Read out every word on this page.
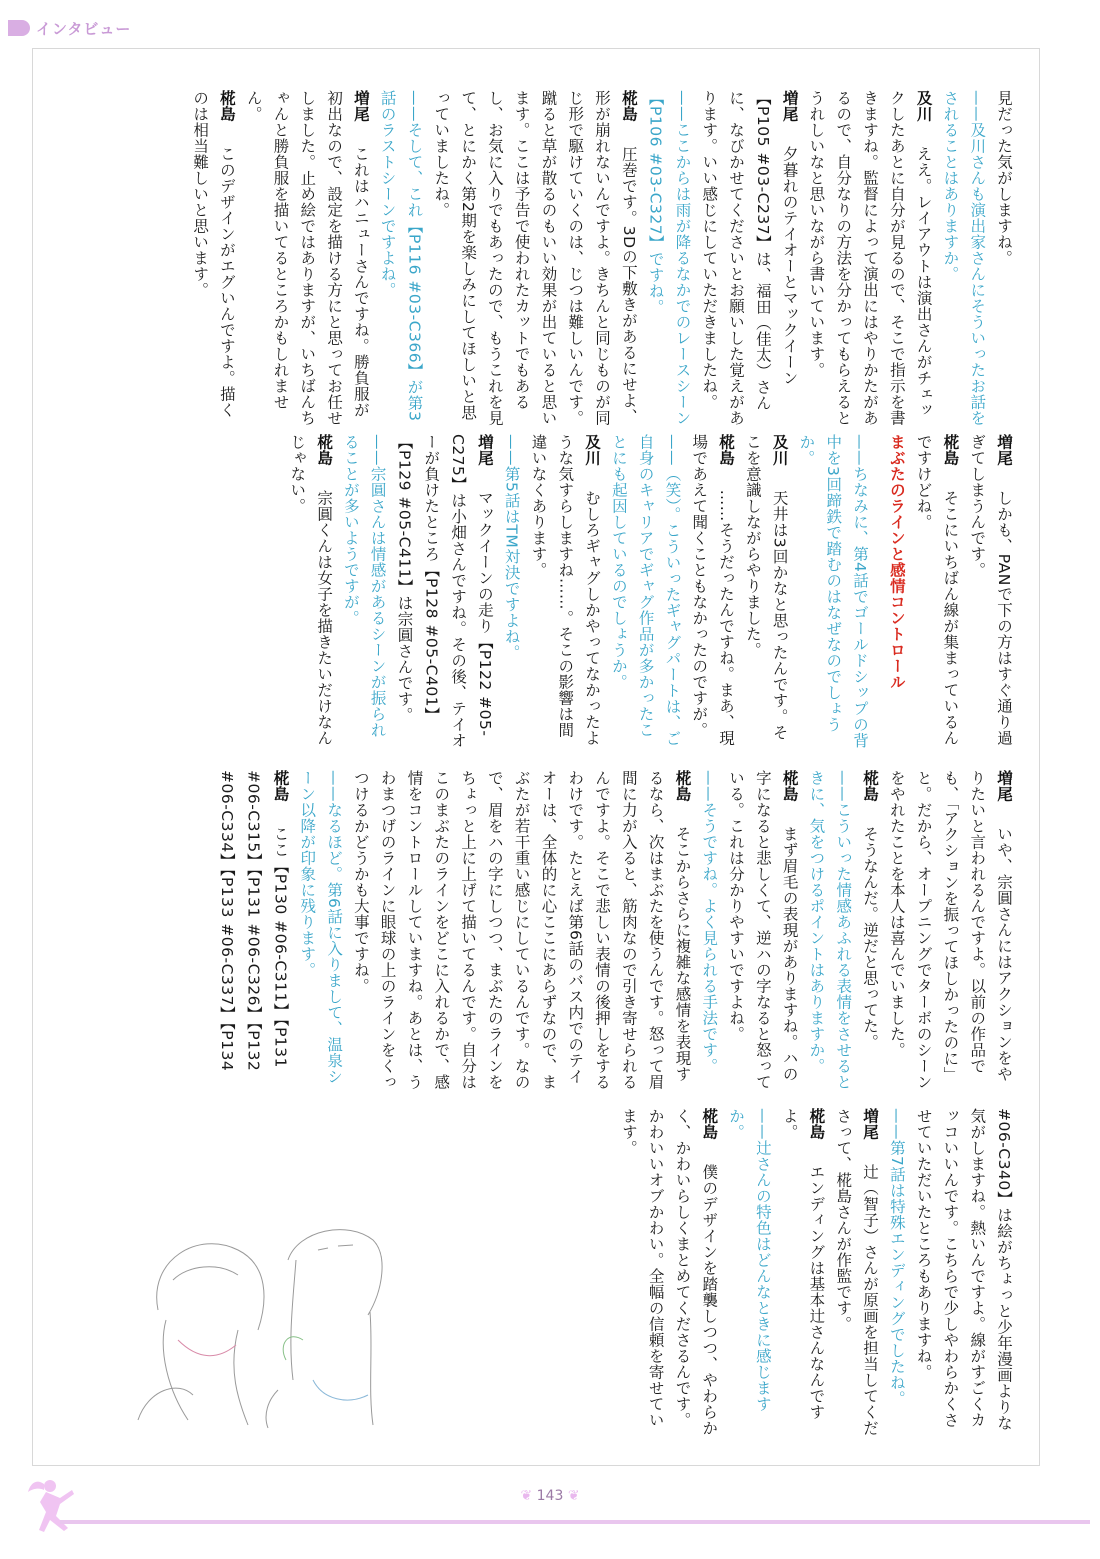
インタビュー

見だった気がしますね。

——及川さんも演出家さんにそういったお話をされることはありますか。

及川　ええ。レイアウトは演出さんがチェックしたあとに自分が見るので、そこで指示を書きますね。監督によって演出にはやりかたがあるので、自分なりの方法を分かってもらえるとうれしいなと思いながら書いています。

増尾　夕暮れのテイオーとマックイーン【P105 #03-C237】は、福田（佳太）さんに、なびかせてくださいとお願いした覚えがあります。いい感じにしていただきましたね。

——ここからは雨が降るなかでのレースシーン【P106 #03-C327】ですね。

椛島　圧巻です。3Dの下敷きがあるにせよ、形が崩れないんですよ。きちんと同じものが同じ形で駆けていくのは、じつは難しいんです。蹴ると草が散るのもいい効果が出ていると思います。ここは予告で使われたカットでもあるし、お気に入りでもあったので、もうこれを見て、とにかく第2期を楽しみにしてほしいと思っていましたね。

——そして、これ【P116 #03-C366】が第3話のラストシーンですよね。

増尾　これはハニューさんですね。勝負服が初出なので、設定を描ける方にと思ってお任せしました。止め絵ではありますが、いちばんちゃんと勝負服を描いてるところかもしれません。

椛島　このデザインがエグいんですよ。描くのは相当難しいと思います。

増尾　しかも、PANで下の方はすぐ通り過ぎてしまうんです。

椛島　そこにいちばん線が集まっているんですけどね。

まぶたのラインと感情コントロール

——ちなみに、第4話でゴールドシップの背中を3回蹄鉄で踏むのはなぜなのでしょうか。

及川　天井は3回かなと思ったんです。そこを意識しながらやりました。

椛島　……そうだったんですね。まあ、現場であえて聞くこともなかったのですが。

——（笑）。こういったギャグパートは、ご自身のキャリアでギャグ作品が多かったことにも起因しているのでしょうか。

及川　むしろギャグしかやってなかったような気すらしますね……。そこの影響は間違いなくあります。

——第5話はTM対決ですよね。

増尾　マックイーンの走り【P122 #05-C275】は小畑さんですね。その後、テイオーが負けたところ【P128 #05-C401】【P129 #05-C411】は宗圓さんです。

——宗圓さんは情感があるシーンが振られることが多いようですが。

椛島　宗圓くんは女子を描きたいだけなんじゃない。

増尾　いや、宗圓さんにはアクションをやりたいと言われるんですよ。以前の作品でも、「アクションを振ってほしかったのに」と。だから、オープニングでターボのシーンをやれたことを本人は喜んでいました。

椛島　そうなんだ。逆だと思ってた。

——こういった情感あふれる表情をさせるときに、気をつけるポイントはありますか。

椛島　まず眉毛の表現がありますね。ハの字になると悲しくて、逆ハの字なると怒っている。これは分かりやすいですよね。

——そうですね。よく見られる手法です。

椛島　そこからさらに複雑な感情を表現するなら、次はまぶたを使うんです。怒って眉間に力が入ると、筋肉なので引き寄せられるんですよ。そこで悲しい表情の後押しをするわけです。たとえば第6話のバス内でのテイオーは、全体的に心ここにあらずなので、まぶたが若干重い感じにしているんです。なので、眉をハの字にしつつ、まぶたのラインをちょっと上に上げて描いてるんです。自分はこのまぶたのラインをどこに入れるかで、感情をコントロールしていますね。あとは、うわまつげのラインに眼球の上のラインをくっつけるかどうかも大事ですね。

——なるほど。第6話に入りまして、温泉シーン以降が印象に残ります。

椛島　ここ【P130 #06-C311】【P131 #06-C315】【P131 #06-C326】【P132 #06-C334】【P133 #06-C337】【P134

#06-C340】は絵がちょっと少年漫画よりな気がしますね。熱いんですよ。線がすごくカッコいいんです。こちらで少しやわらかくさせていただいたところもありますね。

——第7話は特殊エンディングでしたね。

増尾　辻（智子）さんが原画を担当してくださって、椛島さんが作監です。

椛島　エンディングは基本辻さんなんですよ。

——辻さんの特色はどんなときに感じますか。

椛島　僕のデザインを踏襲しつつ、やわらかく、かわいらしくまとめてくださるんです。かわいいオブかわい。全幅の信頼を寄せています。

❦ 143 ❦
